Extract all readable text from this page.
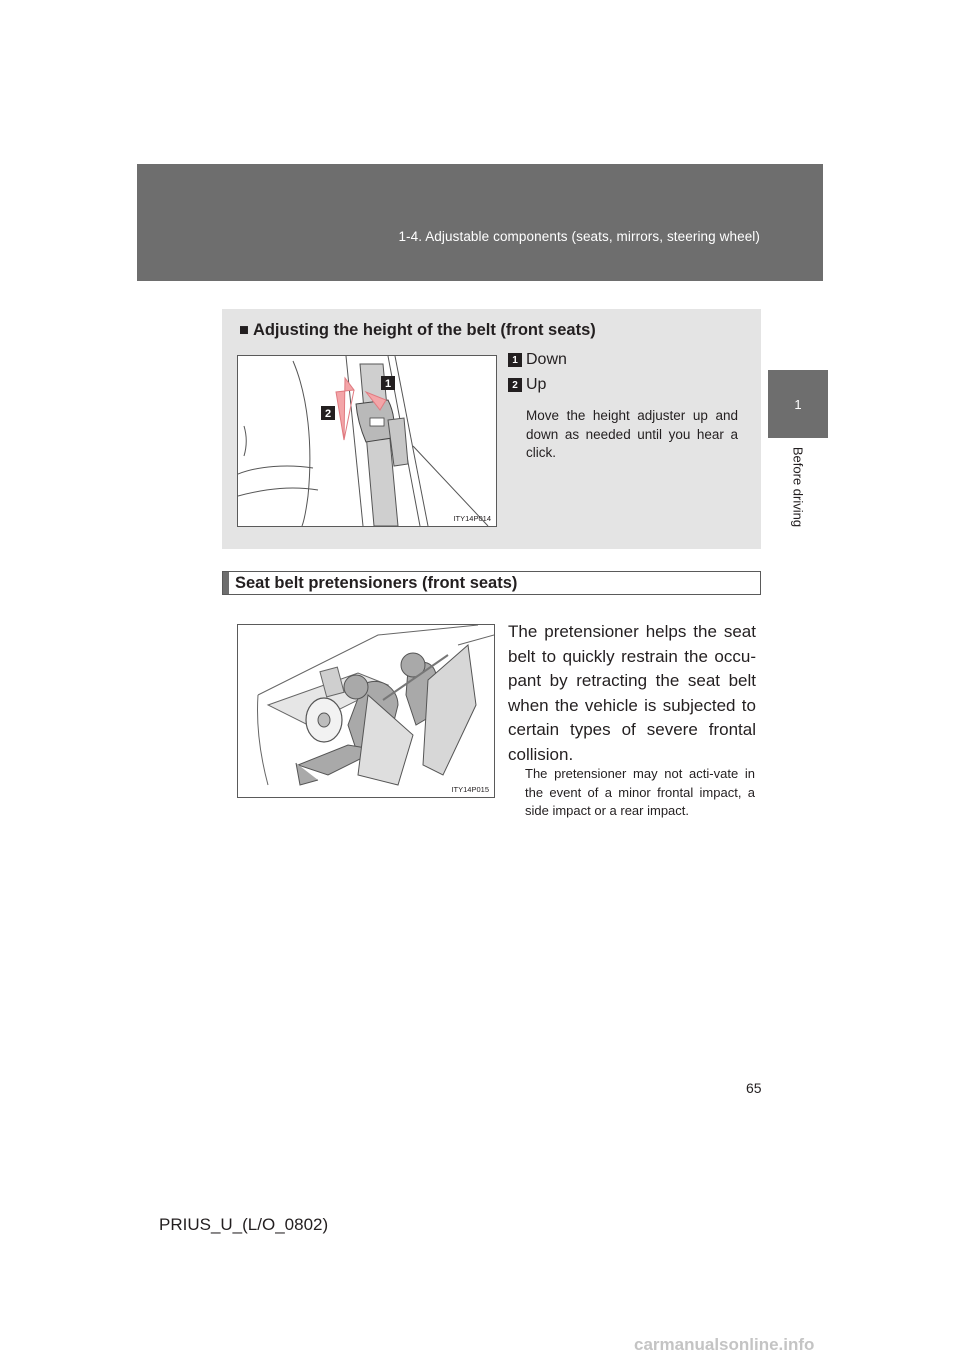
1-4. Adjustable components (seats, mirrors, steering wheel)
1
Before driving
■ Adjusting the height of the belt (front seats)
1
2
ITY14P014
1 Down
2 Up
Move the height adjuster up and down as needed until you hear a click.
Seat belt pretensioners (front seats)
ITY14P015
The pretensioner helps the seat belt to quickly restrain the occu-pant by retracting the seat belt when the vehicle is subjected to certain types of severe frontal collision.
The pretensioner may not acti-vate in the event of a minor frontal impact, a side impact or a rear impact.
65
PRIUS_U_(L/O_0802)
carmanualsonline.info
